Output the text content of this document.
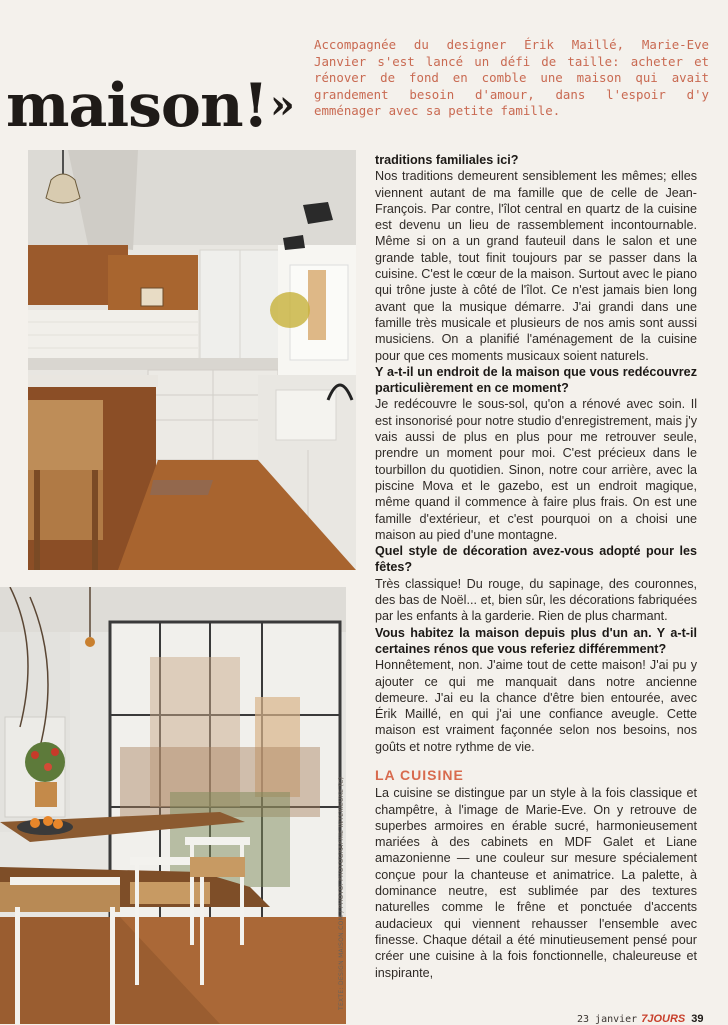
maison!»
Accompagnée du designer Érik Maillé, Marie-Eve Janvier s'est lancé un défi de taille: acheter et rénover de fond en comble une maison qui avait grandement besoin d'amour, dans l'espoir d'y emménager avec sa petite famille.
TEXTE: DESIGN MAISON.COM / PHOTO: PHOTOGRAPHIE INTERIEURE (C)

traditions familiales ici?

Nos traditions demeurent sensiblement les mêmes; elles viennent autant de ma famille que de celle de Jean-François. Par contre, l'îlot central en quartz de la cuisine est devenu un lieu de rassemblement incontournable. Même si on a un grand fauteuil dans le salon et une grande table, tout finit toujours par se passer dans la cuisine. C'est le cœur de la maison. Surtout avec le piano qui trône juste à côté de l'îlot. Ce n'est jamais bien long avant que la musique démarre. J'ai grandi dans une famille très musicale et plusieurs de nos amis sont aussi musiciens. On a planifié l'aménagement de la cuisine pour que ces moments musicaux soient naturels.

Y a-t-il un endroit de la maison que vous redécouvrez particulièrement en ce moment?

Je redécouvre le sous-sol, qu'on a rénové avec soin. Il est insonorisé pour notre studio d'enregistrement, mais j'y vais aussi de plus en plus pour me retrouver seule, prendre un moment pour moi. C'est précieux dans le tourbillon du quotidien. Sinon, notre cour arrière, avec la piscine Mova et le gazebo, est un endroit magique, même quand il commence à faire plus frais. On est une famille d'extérieur, et c'est pourquoi on a choisi une maison au pied d'une montagne.

Quel style de décoration avez-vous adopté pour les fêtes?

Très classique! Du rouge, du sapinage, des couronnes, des bas de Noël... et, bien sûr, les décorations fabriquées par les enfants à la garderie. Rien de plus charmant.

Vous habitez la maison depuis plus d'un an. Y a-t-il certaines rénos que vous referiez différemment?

Honnêtement, non. J'aime tout de cette maison! J'ai pu y ajouter ce qui me manquait dans notre ancienne demeure. J'ai eu la chance d'être bien entourée, avec Érik Maillé, en qui j'ai une confiance aveugle. Cette maison est vraiment façonnée selon nos besoins, nos goûts et notre rythme de vie.

LA CUISINE

La cuisine se distingue par un style à la fois classique et champêtre, à l'image de Marie-Eve. On y retrouve de superbes armoires en érable sucré, harmonieusement mariées à des cabinets en MDF Galet et Liane amazonienne — une couleur sur mesure spécialement conçue pour la chanteuse et animatrice. La palette, à dominance neutre, est sublimée par des textures naturelles comme le frêne et ponctuée d'accents audacieux qui viennent rehausser l'ensemble avec finesse. Chaque détail a été minutieusement pensé pour créer une cuisine à la fois fonctionnelle, chaleureuse et inspirante,

23 janvier 7JOURS 39
